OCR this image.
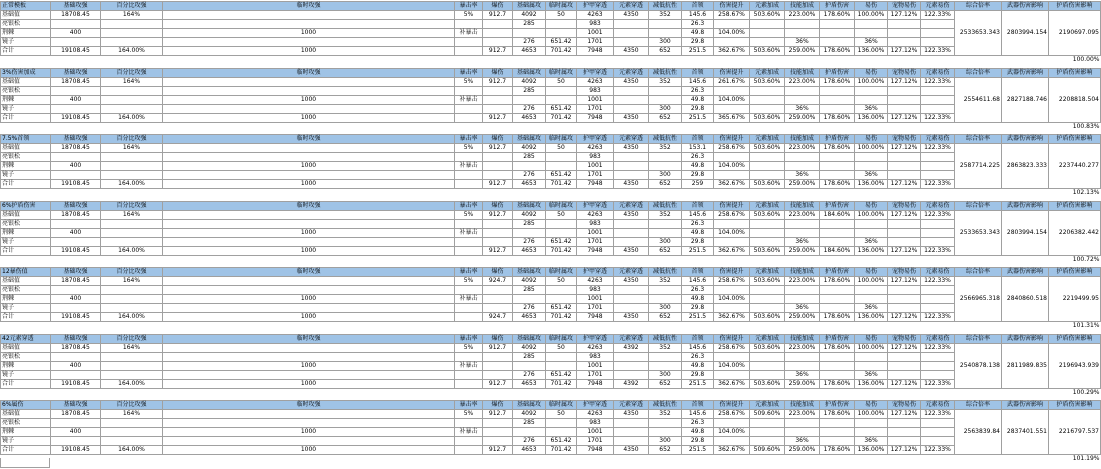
正常模板	基础攻强	百分比攻强	临时攻强	暴击率	爆伤	基础属攻	临时属攻	护甲穿透	元素穿透	减低抗性	首领	伤害提升	元素加成	技能加成	护盾伤害	易伤	宠物易伤	元素易伤	综合倍率	武器伤害影响	护盾伤害影响
基础值	18708.45	164%		5%	912.7	4092	50	4263	4350	352	145.6	258.67%	503.60%	223.00%	178.60%	100.00%	127.12%	122.33%	2533653.343	2803994.154	2190697.095
亮银松						285		983			26.3										
荆棘	400		1000	补暴击				1001			49.8	104.00%									
镜子						276	651.42	1701		300	29.8			36%		36%					
合计	19108.45	164.00%	1000		912.7	4653	701.42	7948	4350	652	251.5	362.67%	503.60%	259.00%	178.60%	136.00%	127.12%	122.33%			
																					100.00%
3%伤害加成	基础攻强	百分比攻强	临时攻强	暴击率	爆伤	基础属攻	临时属攻	护甲穿透	元素穿透	减低抗性	首领	伤害提升	元素加成	技能加成	护盾伤害	易伤	宠物易伤	元素易伤	综合倍率	武器伤害影响	护盾伤害影响
基础值	18708.45	164%		5%	912.7	4092	50	4263	4350	352	145.6	261.67%	503.60%	223.00%	178.60%	100.00%	127.12%	122.33%	2554611.68	2827188.746	2208818.504
亮银松						285		983			26.3										
荆棘	400		1000	补暴击				1001			49.8	104.00%									
镜子						276	651.42	1701		300	29.8			36%		36%					
合计	19108.45	164.00%	1000		912.7	4653	701.42	7948	4350	652	251.5	365.67%	503.60%	259.00%	178.60%	136.00%	127.12%	122.33%			
																					100.83%
7.5%首领	基础攻强	百分比攻强	临时攻强	暴击率	爆伤	基础属攻	临时属攻	护甲穿透	元素穿透	减低抗性	首领	伤害提升	元素加成	技能加成	护盾伤害	易伤	宠物易伤	元素易伤	综合倍率	武器伤害影响	护盾伤害影响
基础值	18708.45	164%		5%	912.7	4092	50	4263	4350	352	153.1	258.67%	503.60%	223.00%	178.60%	100.00%	127.12%	122.33%	2587714.225	2863823.333	2237440.277
亮银松						285		983			26.3										
荆棘	400		1000	补暴击				1001			49.8	104.00%									
镜子						276	651.42	1701		300	29.8			36%		36%					
合计	19108.45	164.00%	1000		912.7	4653	701.42	7948	4350	652	259	362.67%	503.60%	259.00%	178.60%	136.00%	127.12%	122.33%			
																					102.13%
6%护盾伤害	基础攻强	百分比攻强	临时攻强	暴击率	爆伤	基础属攻	临时属攻	护甲穿透	元素穿透	减低抗性	首领	伤害提升	元素加成	技能加成	护盾伤害	易伤	宠物易伤	元素易伤	综合倍率	武器伤害影响	护盾伤害影响
基础值	18708.45	164%		5%	912.7	4092	50	4263	4350	352	145.6	258.67%	503.60%	223.00%	184.60%	100.00%	127.12%	122.33%	2533653.343	2803994.154	2206382.442
亮银松						285		983			26.3										
荆棘	400		1000	补暴击				1001			49.8	104.00%									
镜子						276	651.42	1701		300	29.8			36%		36%					
合计	19108.45	164.00%	1000		912.7	4653	701.42	7948	4350	652	251.5	362.67%	503.60%	259.00%	184.60%	136.00%	127.12%	122.33%			
																					100.72%
12暴伤值	基础攻强	百分比攻强	临时攻强	暴击率	爆伤	基础属攻	临时属攻	护甲穿透	元素穿透	减低抗性	首领	伤害提升	元素加成	技能加成	护盾伤害	易伤	宠物易伤	元素易伤	综合倍率	武器伤害影响	护盾伤害影响
基础值	18708.45	164%		5%	924.7	4092	50	4263	4350	352	145.6	258.67%	503.60%	223.00%	178.60%	100.00%	127.12%	122.33%	2566965.318	2840860.518	2219499.95
亮银松						285		983			26.3										
荆棘	400		1000	补暴击				1001			49.8	104.00%									
镜子						276	651.42	1701		300	29.8			36%		36%					
合计	19108.45	164.00%	1000		924.7	4653	701.42	7948	4350	652	251.5	362.67%	503.60%	259.00%	178.60%	136.00%	127.12%	122.33%			
																					101.31%
42元素穿透	基础攻强	百分比攻强	临时攻强	暴击率	爆伤	基础属攻	临时属攻	护甲穿透	元素穿透	减低抗性	首领	伤害提升	元素加成	技能加成	护盾伤害	易伤	宠物易伤	元素易伤	综合倍率	武器伤害影响	护盾伤害影响
基础值	18708.45	164%		5%	912.7	4092	50	4263	4392	352	145.6	258.67%	503.60%	223.00%	178.60%	100.00%	127.12%	122.33%	2540878.138	2811989.835	2196943.939
亮银松						285		983			26.3										
荆棘	400		1000	补暴击				1001			49.8	104.00%									
镜子						276	651.42	1701		300	29.8			36%		36%					
合计	19108.45	164.00%	1000		912.7	4653	701.42	7948	4392	652	251.5	362.67%	503.60%	259.00%	178.60%	136.00%	127.12%	122.33%			
																					100.29%
6%属伤	基础攻强	百分比攻强	临时攻强	暴击率	爆伤	基础属攻	临时属攻	护甲穿透	元素穿透	减低抗性	首领	伤害提升	元素加成	技能加成	护盾伤害	易伤	宠物易伤	元素易伤	综合倍率	武器伤害影响	护盾伤害影响
基础值	18708.45	164%		5%	912.7	4092	50	4263	4350	352	145.6	258.67%	509.60%	223.00%	178.60%	100.00%	127.12%	122.33%	2563839.84	2837401.551	2216797.537
亮银松						285		983			26.3										
荆棘	400		1000	补暴击				1001			49.8	104.00%									
镜子						276	651.42	1701		300	29.8			36%		36%					
合计	19108.45	164.00%	1000		912.7	4653	701.42	7948	4350	652	251.5	362.67%	509.60%	259.00%	178.60%	136.00%	127.12%	122.33%			
																					101.19%
